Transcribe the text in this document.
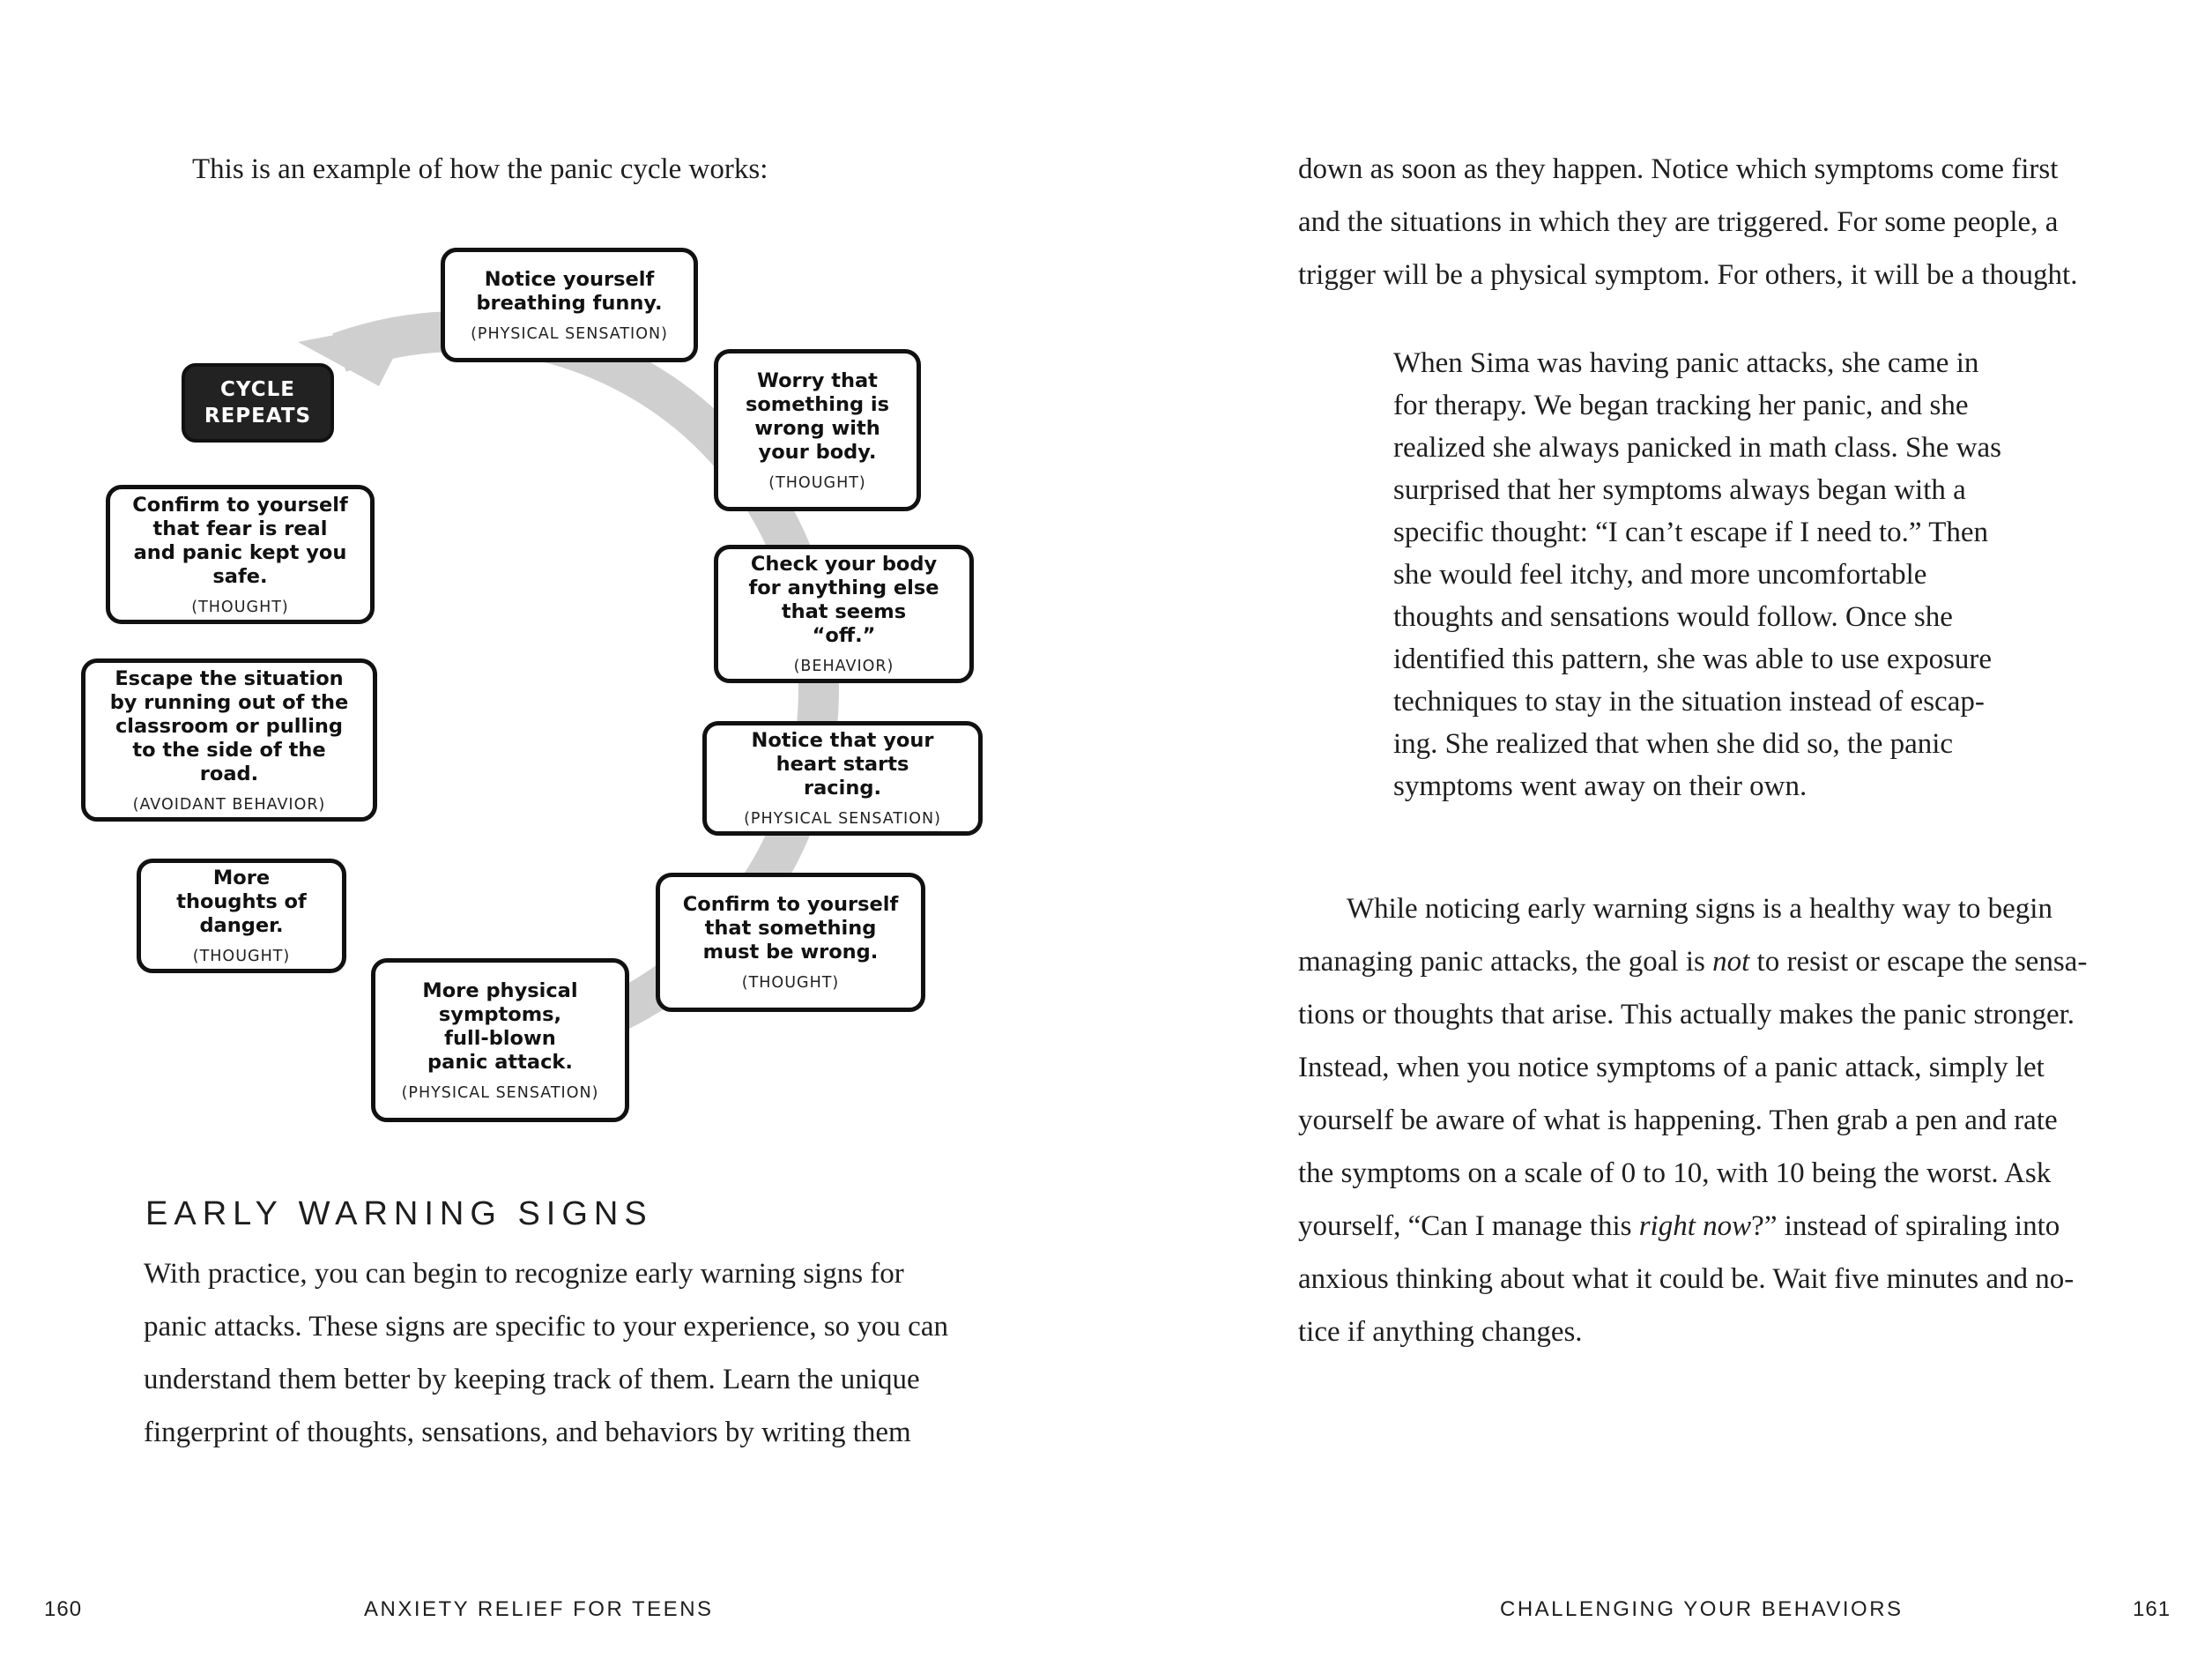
This is an example of how the panic cycle works:

CYCLE
REPEATS
Notice yourself breathing funny.
(PHYSICAL SENSATION)
Worry that something is wrong with your body.
(THOUGHT)
Check your body for anything else that seems “off.”
(BEHAVIOR)
Notice that your heart starts racing.
(PHYSICAL SENSATION)
Confirm to yourself that something must be wrong.
(THOUGHT)
More physical symptoms, full-blown panic attack.
(PHYSICAL SENSATION)
More thoughts of danger.
(THOUGHT)
Escape the situation by running out of the classroom or pulling to the side of the road.
(AVOIDANT BEHAVIOR)
Confirm to yourself that fear is real and panic kept you safe.
(THOUGHT)
EARLY WARNING SIGNS
With practice, you can begin to recognize early warning signs for
panic attacks. These signs are specific to your experience, so you can
understand them better by keeping track of them. Learn the unique
fingerprint of thoughts, sensations, and behaviors by writing them
160	ANXIETY RELIEF FOR TEENS
down as soon as they happen. Notice which symptoms come first
and the situations in which they are triggered. For some people, a
trigger will be a physical symptom. For others, it will be a thought.
When Sima was having panic attacks, she came in
for therapy. We began tracking her panic, and she
realized she always panicked in math class. She was
surprised that her symptoms always began with a
specific thought: “I can’t escape if I need to.” Then
she would feel itchy, and more uncomfortable
thoughts and sensations would follow. Once she
identified this pattern, she was able to use exposure
techniques to stay in the situation instead of escap-
ing. She realized that when she did so, the panic
symptoms went away on their own.
While noticing early warning signs is a healthy way to begin
managing panic attacks, the goal is not to resist or escape the sensa-
tions or thoughts that arise. This actually makes the panic stronger.
Instead, when you notice symptoms of a panic attack, simply let
yourself be aware of what is happening. Then grab a pen and rate
the symptoms on a scale of 0 to 10, with 10 being the worst. Ask
yourself, “Can I manage this right now?” instead of spiraling into
anxious thinking about what it could be. Wait five minutes and no-
tice if anything changes.
CHALLENGING YOUR BEHAVIORS	161
